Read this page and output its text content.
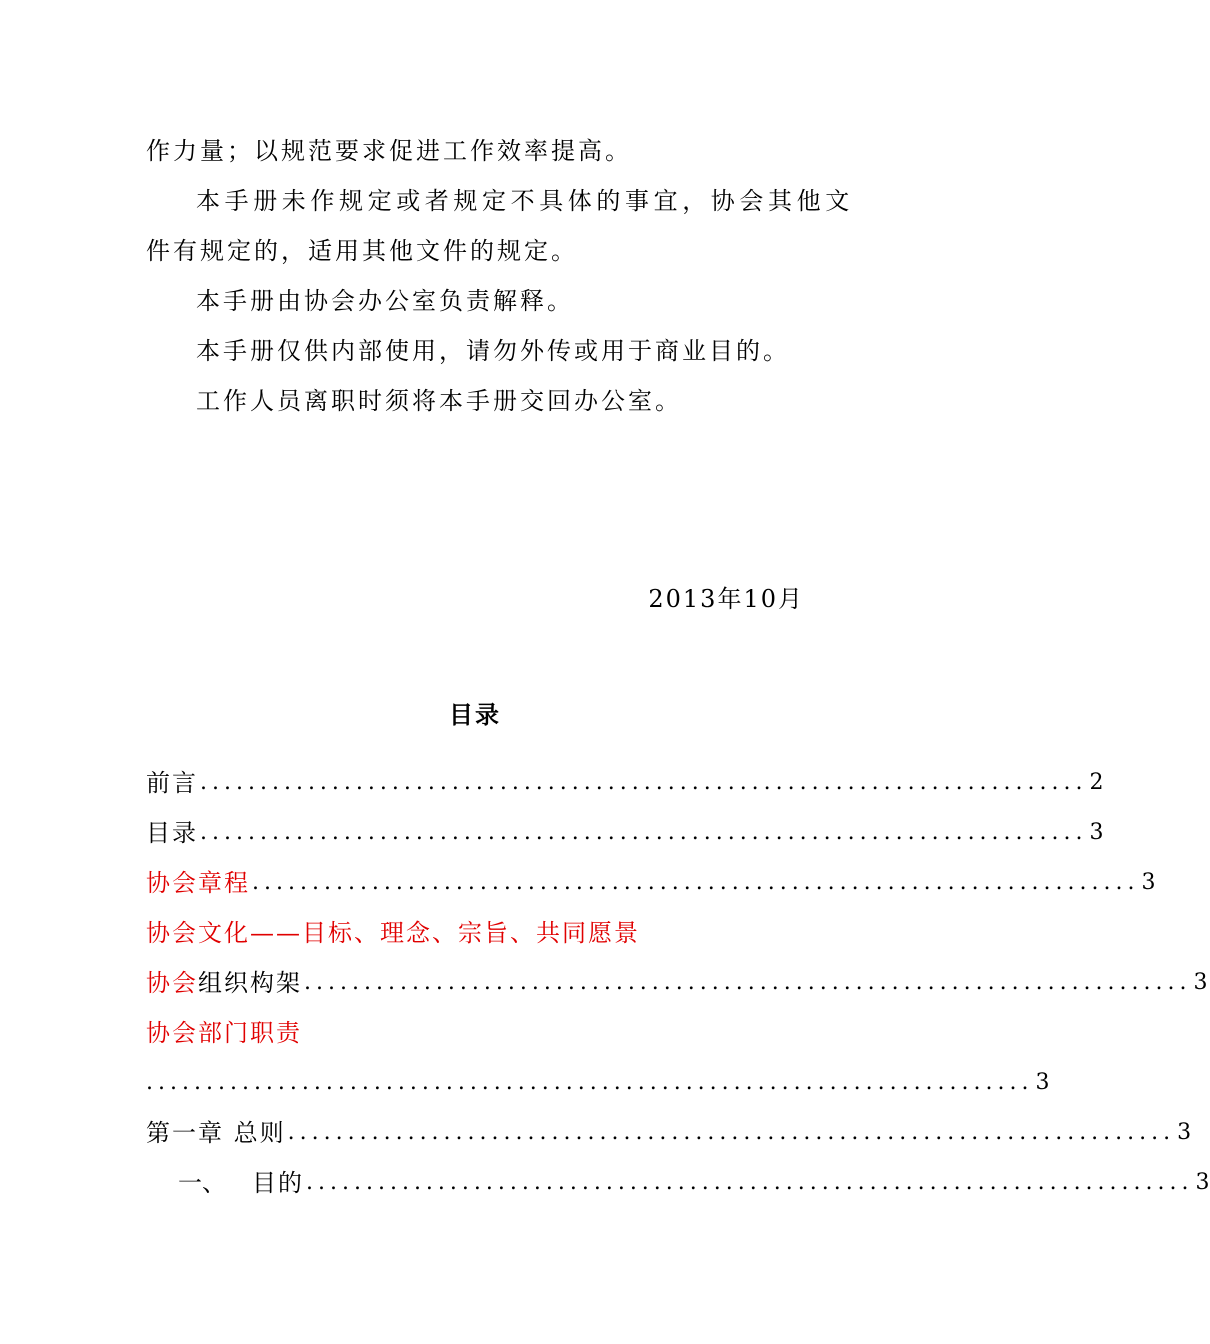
作力量；以规范要求促进工作效率提高。
本手册未作规定或者规定不具体的事宜，协会其他文
件有规定的，适用其他文件的规定。
本手册由协会办公室负责解释。
本手册仅供内部使用，请勿外传或用于商业目的。
工作人员离职时须将本手册交回办公室。
2013年10月
目录
前言 .......................................................................... 2
目录 .......................................................................... 3
协会章程 .......................................................................... 3
协会文化——目标、理念、宗旨、共同愿景
协会组织构架 .......................................................................... 3
协会部门职责
.......................................................................... 3
第一章 总则 .......................................................................... 3
一、 目的 .......................................................................... 3
